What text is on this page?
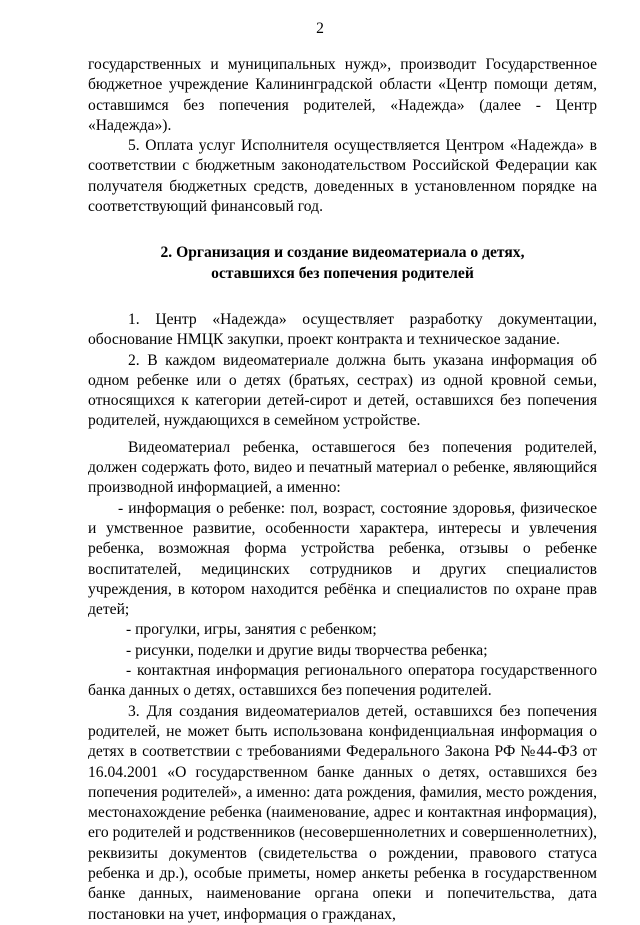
2

государственных и муниципальных нужд», производит Государственное бюджетное учреждение Калининградской области «Центр помощи детям, оставшимся без попечения родителей, «Надежда» (далее - Центр «Надежда»).

5. Оплата услуг Исполнителя осуществляется Центром «Надежда» в соответствии с бюджетным законодательством Российской Федерации как получателя бюджетных средств, доведенных в установленном порядке на соответствующий финансовый год.

2. Организация и создание видеоматериала о детях,
оставшихся без попечения родителей

1. Центр «Надежда» осуществляет разработку документации, обоснование НМЦК закупки, проект контракта и техническое задание.

2. В каждом видеоматериале должна быть указана информация об одном ребенке или о детях (братьях, сестрах) из одной кровной семьи, относящихся к категории детей-сирот и детей, оставшихся без попечения родителей, нуждающихся в семейном устройстве.

Видеоматериал ребенка, оставшегося без попечения родителей, должен содержать фото, видео и печатный материал о ребенке, являющийся производной информацией, а именно:

- информация о ребенке: пол, возраст, состояние здоровья, физическое и умственное развитие, особенности характера, интересы и увлечения ребенка, возможная форма устройства ребенка, отзывы о ребенке воспитателей, медицинских сотрудников и других специалистов учреждения, в котором находится ребёнка и специалистов по охране прав детей;

- прогулки, игры, занятия с ребенком;

- рисунки, поделки и другие виды творчества ребенка;

- контактная информация регионального оператора государственного банка данных о детях, оставшихся без попечения родителей.

3. Для создания видеоматериалов детей, оставшихся без попечения родителей, не может быть использована конфиденциальная информация о детях в соответствии с требованиями Федерального Закона РФ №44-ФЗ от 16.04.2001 «О государственном банке данных о детях, оставшихся без попечения родителей», а именно: дата рождения, фамилия, место рождения, местонахождение ребенка (наименование, адрес и контактная информация), его родителей и родственников (несовершеннолетних и совершеннолетних), реквизиты документов (свидетельства о рождении, правового статуса ребенка и др.), особые приметы, номер анкеты ребенка в государственном банке данных, наименование органа опеки и попечительства, дата постановки на учет, информация о гражданах,
